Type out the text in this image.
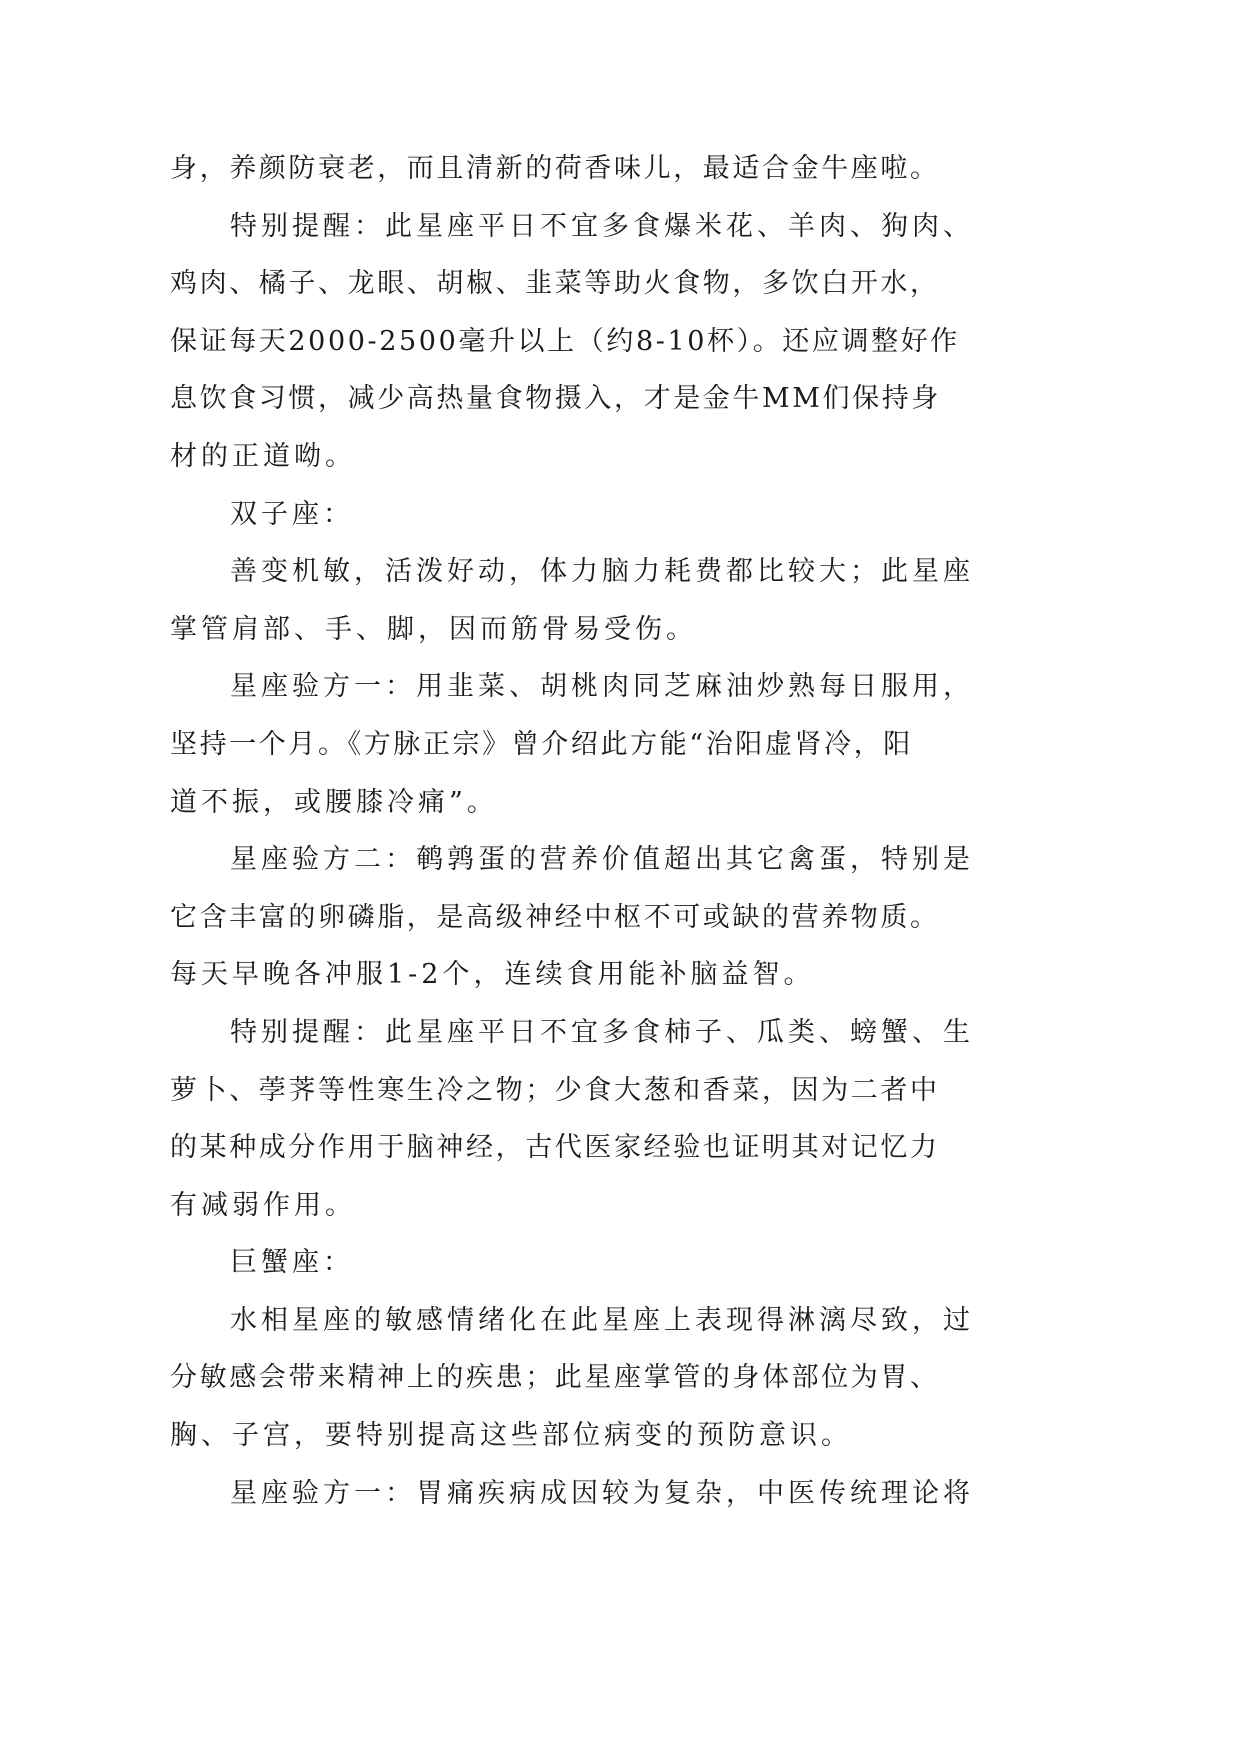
身，养颜防衰老，而且清新的荷香味儿，最适合金牛座啦。
特别提醒：此星座平日不宜多食爆米花、羊肉、狗肉、
鸡肉、橘子、龙眼、胡椒、韭菜等助火食物，多饮白开水，
保证每天2000-2500毫升以上（约8-10杯）。还应调整好作
息饮食习惯，减少高热量食物摄入，才是金牛MM们保持身
材的正道呦。
双子座：
善变机敏，活泼好动，体力脑力耗费都比较大；此星座
掌管肩部、手、脚，因而筋骨易受伤。
星座验方一：用韭菜、胡桃肉同芝麻油炒熟每日服用，
坚持一个月。《方脉正宗》曾介绍此方能“治阳虚肾冷，阳
道不振，或腰膝冷痛”。
星座验方二：鹌鹑蛋的营养价值超出其它禽蛋，特别是
它含丰富的卵磷脂，是高级神经中枢不可或缺的营养物质。
每天早晚各冲服1-2个，连续食用能补脑益智。
特别提醒：此星座平日不宜多食柿子、瓜类、螃蟹、生
萝卜、荸荠等性寒生冷之物；少食大葱和香菜，因为二者中
的某种成分作用于脑神经，古代医家经验也证明其对记忆力
有减弱作用。
巨蟹座：
水相星座的敏感情绪化在此星座上表现得淋漓尽致，过
分敏感会带来精神上的疾患；此星座掌管的身体部位为胃、
胸、子宫，要特别提高这些部位病变的预防意识。
星座验方一：胃痛疾病成因较为复杂，中医传统理论将
